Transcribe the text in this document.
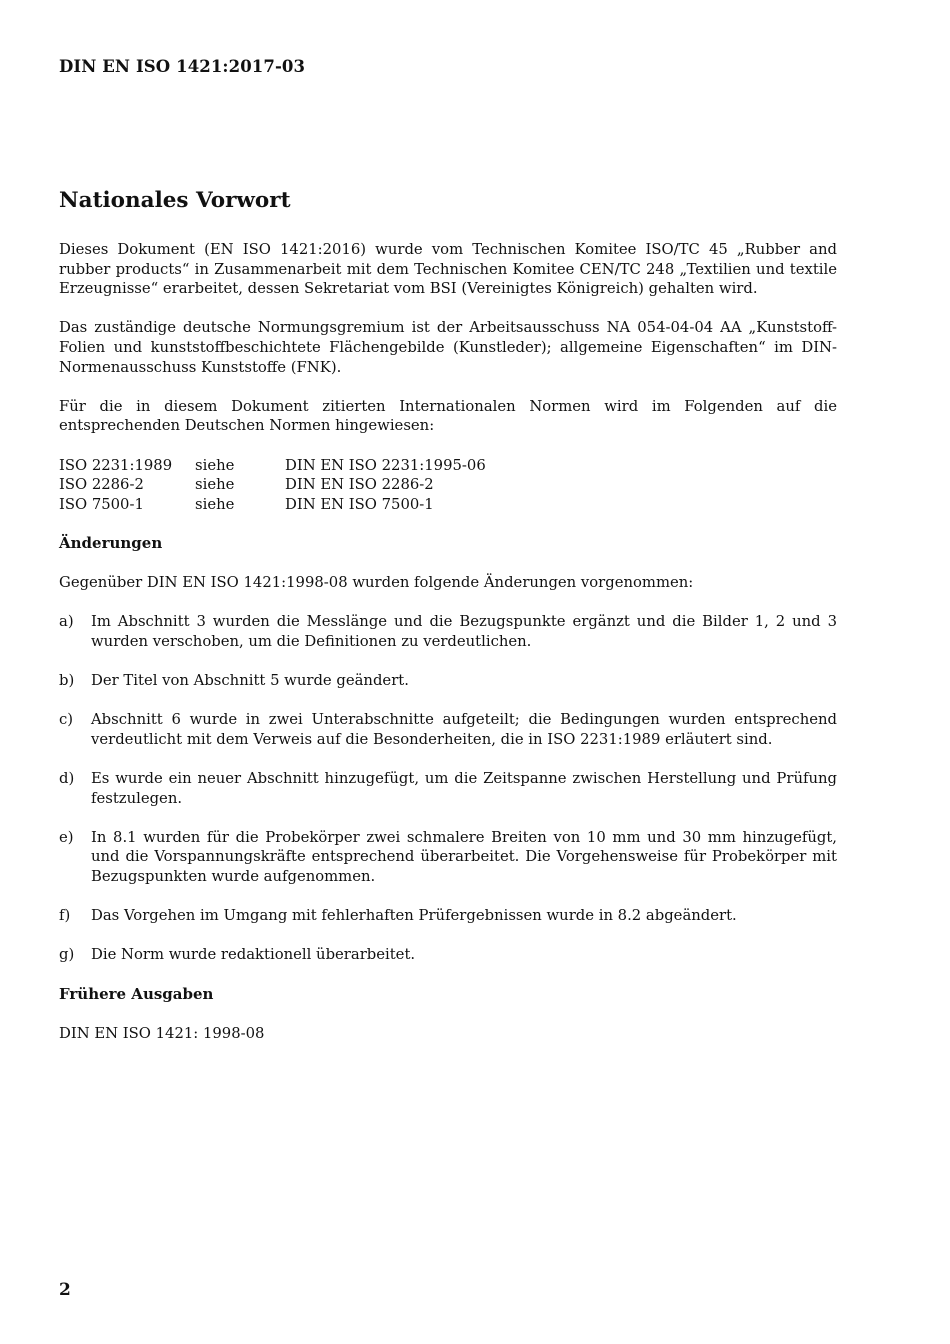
DIN EN ISO 1421:2017-03
Nationales Vorwort

Dieses Dokument (EN ISO 1421:2016) wurde vom Technischen Komitee ISO/TC 45 „Rubber and rubber products“ in Zusammenarbeit mit dem Technischen Komitee CEN/TC 248 „Textilien und textile Erzeugnisse“ erarbeitet, dessen Sekretariat vom BSI (Vereinigtes Königreich) gehalten wird.

Das zuständige deutsche Normungsgremium ist der Arbeitsausschuss NA 054-04-04 AA „Kunststoff-Folien und kunststoffbeschichtete Flächengebilde (Kunstleder); allgemeine Eigenschaften“ im DIN-Normenausschuss Kunststoffe (FNK).

Für die in diesem Dokument zitierten Internationalen Normen wird im Folgenden auf die entsprechenden Deutschen Normen hingewiesen:

ISO 2231:1989	siehe	DIN EN ISO 2231:1995-06
ISO 2286-2	siehe	DIN EN ISO 2286-2
ISO 7500-1	siehe	DIN EN ISO 7500-1
Änderungen

Gegenüber DIN EN ISO 1421:1998-08 wurden folgende Änderungen vorgenommen:

a)	Im Abschnitt 3 wurden die Messlänge und die Bezugspunkte ergänzt und die Bilder 1, 2 und 3 wurden verschoben, um die Definitionen zu verdeutlichen.
b)	Der Titel von Abschnitt 5 wurde geändert.
c)	Abschnitt 6 wurde in zwei Unterabschnitte aufgeteilt; die Bedingungen wurden entsprechend verdeutlicht mit dem Verweis auf die Besonderheiten, die in ISO 2231:1989 erläutert sind.
d)	Es wurde ein neuer Abschnitt hinzugefügt, um die Zeitspanne zwischen Herstellung und Prüfung festzulegen.
e)	In 8.1 wurden für die Probekörper zwei schmalere Breiten von 10 mm und 30 mm hinzugefügt, und die Vorspannungskräfte entsprechend überarbeitet. Die Vorgehensweise für Probekörper mit Bezugspunkten wurde aufgenommen.
f)	Das Vorgehen im Umgang mit fehlerhaften Prüfergebnissen wurde in 8.2 abgeändert.
g)	Die Norm wurde redaktionell überarbeitet.
Frühere Ausgaben

DIN EN ISO 1421: 1998-08

2
